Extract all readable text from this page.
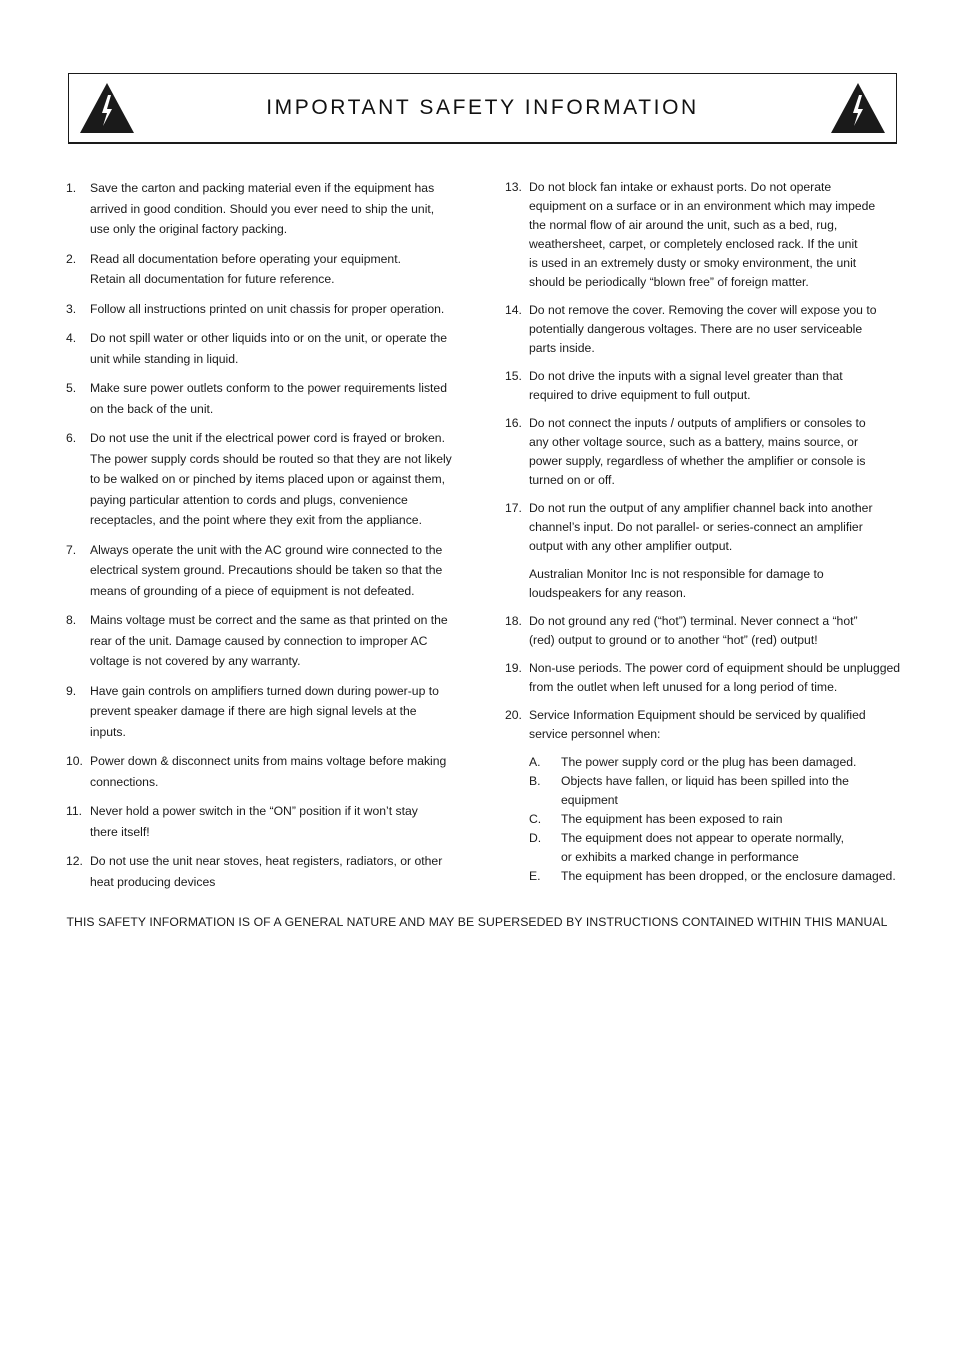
IMPORTANT SAFETY INFORMATION
1.	Save the carton and packing material even if the equipment has
arrived in good condition. Should you ever need to ship the unit,
use only the original factory packing.
2.	Read all documentation before operating your equipment.
Retain all documentation for future reference.
3.	Follow all instructions printed on unit chassis for proper operation.
4.	Do not spill water or other liquids into or on the unit, or operate the
unit while standing in liquid.
5.	Make sure power outlets conform to the power requirements listed
on the back of the unit.
6.	Do not use the unit if the electrical power cord is frayed or broken.
The power supply cords should be routed so that they are not likely
to be walked on or pinched by items placed upon or against them,
paying particular attention to cords and plugs, convenience
receptacles, and the point where they exit from the appliance.
7.	Always operate the unit with the AC ground wire connected to the
electrical system ground. Precautions should be taken so that the
means of grounding of a piece of equipment is not defeated.
8.	Mains voltage must be correct and the same as that printed on the
rear of the unit. Damage caused by connection to improper AC
voltage is not covered by any warranty.
9.	Have gain controls on amplifiers turned down during power-up to
prevent speaker damage if there are high signal levels at the
inputs.
10. Power down & disconnect units from mains voltage before making
connections.
11. Never hold a power switch in the “ON” position if it won’t stay
there itself!
12. Do not use the unit near stoves, heat registers, radiators, or other
heat producing devices
13. Do not block fan intake or exhaust ports. Do not operate
equipment on a surface or in an environment which may impede
the normal flow of air around the unit, such as a bed, rug,
weathersheet, carpet, or completely enclosed rack. If the unit
is used in an extremely dusty or smoky environment, the unit
should be periodically “blown free” of foreign matter.
14. Do not remove the cover. Removing the cover will expose you to
potentially dangerous voltages. There are no user serviceable
parts inside.
15. Do not drive the inputs with a signal level greater than that
required to drive equipment to full output.
16. Do not connect the inputs / outputs of amplifiers or consoles to
any other voltage source, such as a battery, mains source, or
power supply, regardless of whether the amplifier or console is
turned on or off.
17. Do not run the output of any amplifier channel back into another
channel’s input. Do not parallel- or series-connect an amplifier
output with any other amplifier output.
Australian Monitor Inc is not responsible for damage to
loudspeakers for any reason.
18. Do not ground any red (“hot”) terminal. Never connect a “hot”
(red) output to ground or to another “hot” (red) output!
19. Non-use periods. The power cord of equipment should be unplugged
from the outlet when left unused for a long period of time.
20. Service Information Equipment should be serviced by qualified
service personnel when:
A.	The power supply cord or the plug has been damaged.
B.	Objects have fallen, or liquid has been spilled into the
equipment
C.	The equipment has been exposed to rain
D.	The equipment does not appear to operate normally,
or exhibits a marked change in performance
E.	The equipment has been dropped, or the enclosure damaged.
THIS SAFETY INFORMATION IS OF A GENERAL NATURE AND MAY BE SUPERSEDED BY INSTRUCTIONS CONTAINED WITHIN THIS MANUAL
